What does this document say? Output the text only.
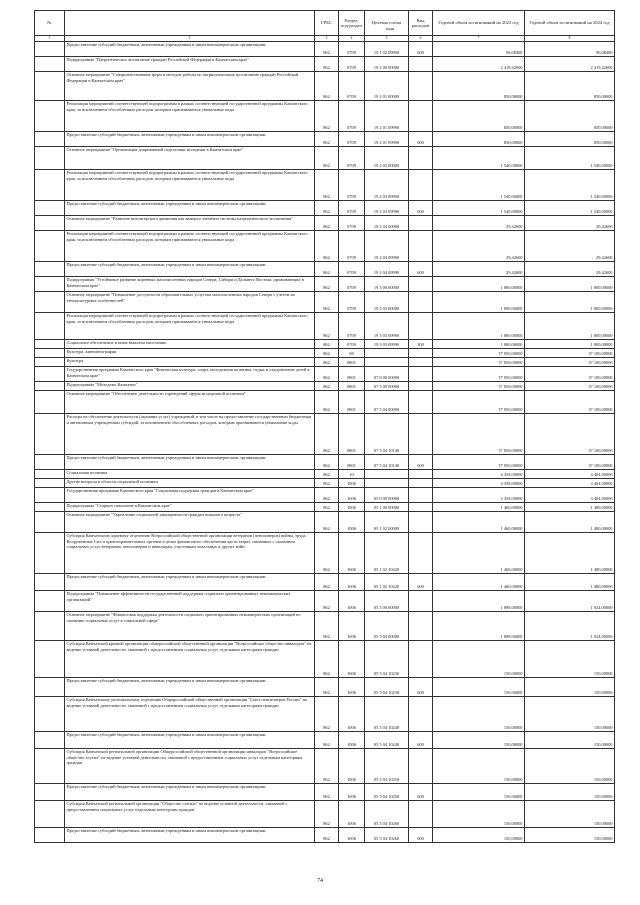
№		ГРБС	Раздел, под-раздел	Целевая статья	Вид расходов	Годовой объем ассигнований на 2023 год	Годовой объем ассигнований на 2024 год
1	2	3	4	5	6	7	8
	Предоставление субсидий бюджетным, автономным учреждениям и иным некоммерческим организациям	862	0709	19 1 02 09990	600	96,08400	96,08400
	Подпрограмма "Патриотическое воспитание граждан Российской Федерации в Камчатском крае"	862	0709	19 2 00 00000		2 419,42600	2 419,42600
	Основное мероприятие "Совершенствование форм и методов работы по патриотическому воспитанию граждан Российской Федерации в Камчатском крае"	862	0709	19 2 01 00000		850,00000	850,00000
	Реализация мероприятий соответствующей подпрограммы в рамках соответствующей государственной программы Камчатского края, за исключением обособленных расходов, которым присваиваются уникальные коды	862	0709	19 2 01 09990		850,00000	850,00000
	Предоставление субсидий бюджетным, автономным учреждениям и иным некоммерческим организациям	862	0709	19 2 01 09990	600	850,00000	850,00000
	Основное мероприятие "Организация допризывной подготовки молодежи в Камчатском крае"	862	0709	19 2 03 00000		1 540,00000	1 540,00000
	Реализация мероприятий соответствующей подпрограммы в рамках соответствующей государственной программы Камчатского края, за исключением обособленных расходов, которым присваиваются уникальные коды	862	0709	19 2 03 09990		1 540,00000	1 540,00000
	Предоставление субсидий бюджетным, автономным учреждениям и иным некоммерческим организациям	862	0709	19 2 03 09990	600	1 540,00000	1 540,00000
	Основное мероприятие "Развитие волонтерского движения как важного элемента системы патриотического воспитания"	862	0709	19 2 04 00000		29,42600	29,42600
	Реализация мероприятий соответствующей подпрограммы в рамках соответствующей государственной программы Камчатского края, за исключением обособленных расходов, которым присваиваются уникальные коды	862	0709	19 2 04 09990		29,42600	29,42600
	Предоставление субсидий бюджетным, автономным учреждениям и иным некоммерческим организациям	862	0709	19 2 04 09990	600	29,42600	29,42600
	Подпрограмма "Устойчивое развитие коренных малочисленных народов Севера, Сибири и Дальнего Востока, проживающих в Камчатском крае"	862	0709	19 3 00 00000		1 800,00000	1 800,00000
	Основное мероприятие "Повышение доступности образовательных услуггам малочисленных народов Севера с учетом их этнокультурных особенностей"	862	0709	19 3 03 00000		1 800,00000	1 800,00000
	Реализация мероприятий соответствующей подпрограммы в рамках соответствующей государственной программы Камчатского края, за исключением обособленных расходов, которым присваиваются уникальные коды	862	0709	19 3 03 09990		1 800,00000	1 800,00000
	Социальное обеспечение и иные выплаты населению	862	0709	19 3 03 09990	300	1 800,00000	1 800,00000
	Культура, кинематография	862	08			37 050,00000	37 100,00000
	Культура	862	0801			37 050,00000	37 100,00000
	Государственная программа Камчатского края "Физическая культура, спорт, молодежная политика, отдых и оздоровление детей в Камчатском крае"	862	0801	07 0 00 00000		37 050,00000	37 100,00000
	Подпрограмма "Молодежь Камчатки"	862	0801	07 5 00 00000		37 050,00000	37 100,00000
	Основное мероприятие "Обеспечение деятельности учреждений сферы молодежной политики"	862	0801	07 5 04 00000		37 050,00000	37 100,00000
	Расходы на обеспечение деятельности (оказание услуг) учреждений, в том числе на предоставление государственным бюджетным и автономным учреждениям субсидий, за исключением обособленных расходов, которым присваиваются уникальные коды	862	0801	07 5 04 10140		37 050,00000	37 100,00000
	Предоставление субсидий бюджетным, автономным учреждениям и иным некоммерческим организациям	862	0801	07 5 04 10140	600	37 050,00000	37 100,00000
	Социальная политика	862	10			4 358,00000	4 404,00000
	Другие вопросы в области социальной политики	862	1006			4 358,00000	4 404,00000
	Государственная программа Камчатского края "Социальная поддержка граждан в Камчатском крае"	862	1006	05 0 00 00000		3 358,00000	3 404,00000
	Подпрограмма "Старшее поколение в Камчатском крае"	862	1006	05 1 00 00000		1 460,00000	1 480,00000
	Основное мероприятие "Укрепление социальной защищенности граждан пожилого возраста"	862	1006	05 1 02 00000		1 460,00000	1 480,00000
	Субсидия Камчатскому краевому отделению Всероссийской общественной организации ветеранов (пенсионеров) войны, труда, Вооруженных Сил и правоохранительных органов в целях финансового обеспечения части затрат, связанных с оказанием социальных услуг ветеранам, пенсионерам и инвалидам, участникам локальных и других войн	862	1006	05 1 02 10420		1 460,00000	1 480,00000
	Предоставление субсидий бюджетным, автономным учреждениям и иным некоммерческим организациям	862	1006	05 1 02 10420	600	1 460,00000	1 480,00000
	Подпрограмма "Повышение эффективности государственной поддержки социально ориентированных некоммерческих организаций"	862	1006	05 5 00 00000		1 898,00000	1 924,00000
	Основное мероприятие "Финансовая поддержка деятельности социально ориентированных некоммерческих организаций по оказанию социальных услуг в социальной сфере"	862	1006	05 5 04 00000		1 898,00000	1 924,00000
	Субсидия Камчатской краевой организации общероссийской общественной организации "Всероссийское общество инвалидов" на ведение уставной деятельности, связанной с предоставлением социальных услуг отдельным категориям граждан	862	1006	05 5 04 10230		150,00000	150,00000
	Предоставление субсидий бюджетным, автономным учреждениям и иным некоммерческим организациям	862	1006	05 5 04 10230	600	150,00000	150,00000
	Субсидия Камчатскому региональному отделению Общероссийской общественной организации "Союз пенсионеров России" на ведение уставной деятельности, связанной с предоставлением социальных услуг отдельным категориям граждан	862	1006	05 5 04 10240		150,00000	150,00000
	Предоставление субсидий бюджетным, автономным учреждениям и иным некоммерческим организациям	862	1006	05 5 04 10240	600	150,00000	150,00000
	Субсидия Камчатской региональной организации Общероссийской общественной организации инвалидов "Всероссийское общество глухих" на ведение уставной деятельности, связанной с предоставлением социальных услуг отдельным категориям граждан	862	1006	05 5 04 10250		150,00000	150,00000
	Предоставление субсидий бюджетным, автономным учреждениям и иным некоммерческим организациям	862	1006	05 5 04 10250	600	150,00000	150,00000
	Субсидия Камчатской региональной организации "Общество слепых" на ведение уставной деятельности, связанной с предоставлением социальных услуг отдельным категориям граждан	862	1006	05 5 04 10260		150,00000	150,00000
	Предоставление субсидий бюджетным, автономным учреждениям и иным некоммерческим организациям	862	1006	05 5 04 10260	600	150,00000	150,00000
коды
74
